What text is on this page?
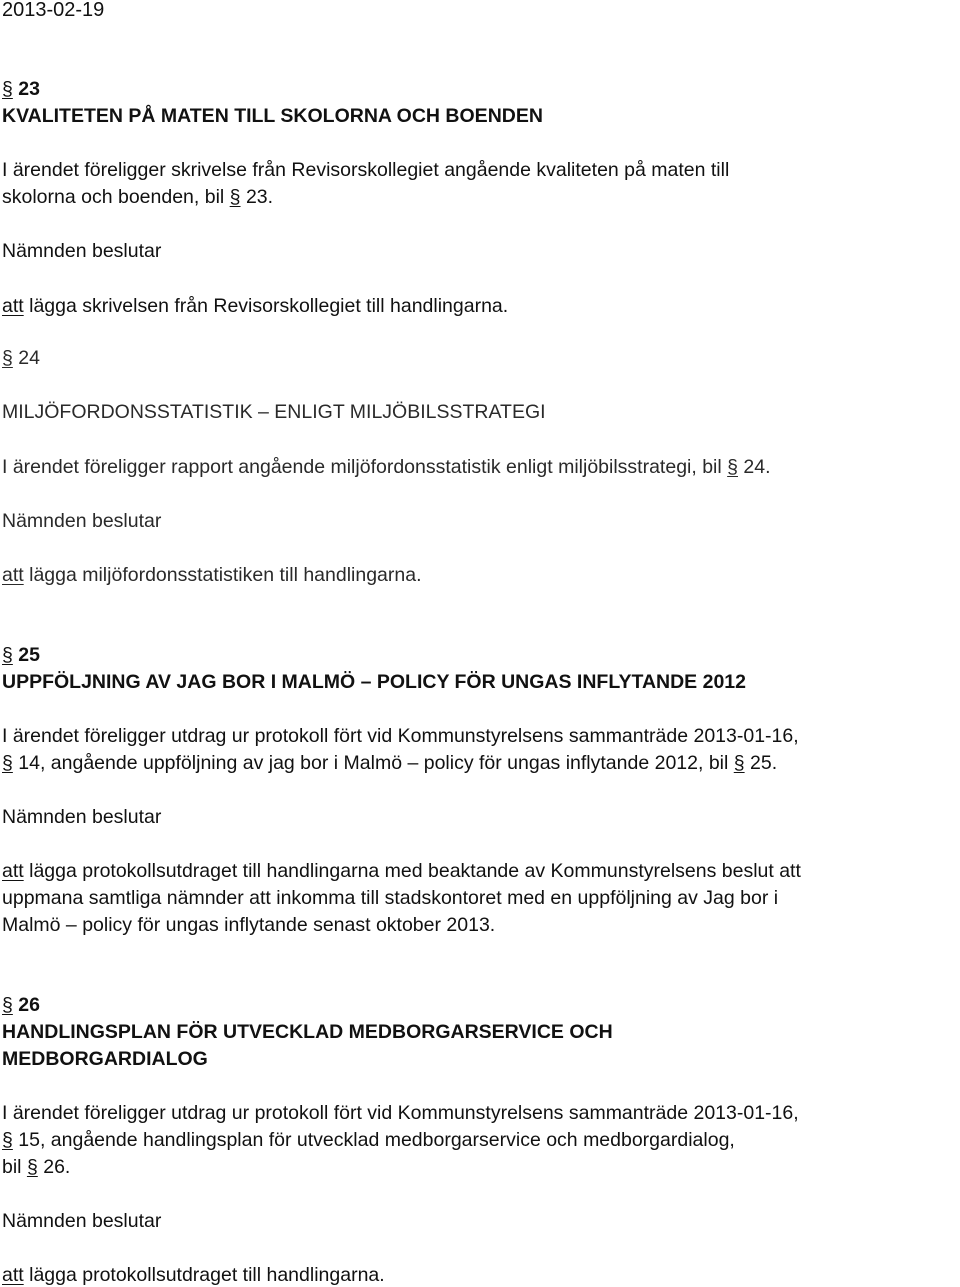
2013-02-19
§ 23
KVALITETEN PÅ MATEN TILL SKOLORNA OCH BOENDEN
I ärendet föreligger skrivelse från Revisorskollegiet angående kvaliteten på maten till
skolorna och boenden, bil § 23.
Nämnden beslutar
att lägga skrivelsen från Revisorskollegiet till handlingarna.
§ 24
MILJÖFORDONSSTATISTIK – ENLIGT MILJÖBILSSTRATEGI
I ärendet föreligger rapport angående miljöfordonsstatistik enligt miljöbilsstrategi, bil § 24.
Nämnden beslutar
att lägga miljöfordonsstatistiken till handlingarna.
§ 25
UPPFÖLJNING AV JAG BOR I MALMÖ – POLICY FÖR UNGAS INFLYTANDE 2012
I ärendet föreligger utdrag ur protokoll fört vid Kommunstyrelsens sammanträde 2013-01-16,
§ 14, angående uppföljning av jag bor i Malmö – policy för ungas inflytande 2012, bil § 25.
Nämnden beslutar
att lägga protokollsutdraget till handlingarna med beaktande av Kommunstyrelsens beslut att
uppmana samtliga nämnder att inkomma till stadskontoret med en uppföljning av Jag bor i
Malmö – policy för ungas inflytande senast oktober 2013.
§ 26
HANDLINGSPLAN FÖR UTVECKLAD MEDBORGARSERVICE OCH
MEDBORGARDIALOG
I ärendet föreligger utdrag ur protokoll fört vid Kommunstyrelsens sammanträde 2013-01-16,
§ 15, angående handlingsplan för utvecklad medborgarservice och medborgardialog,
bil § 26.
Nämnden beslutar
att lägga protokollsutdraget till handlingarna.
